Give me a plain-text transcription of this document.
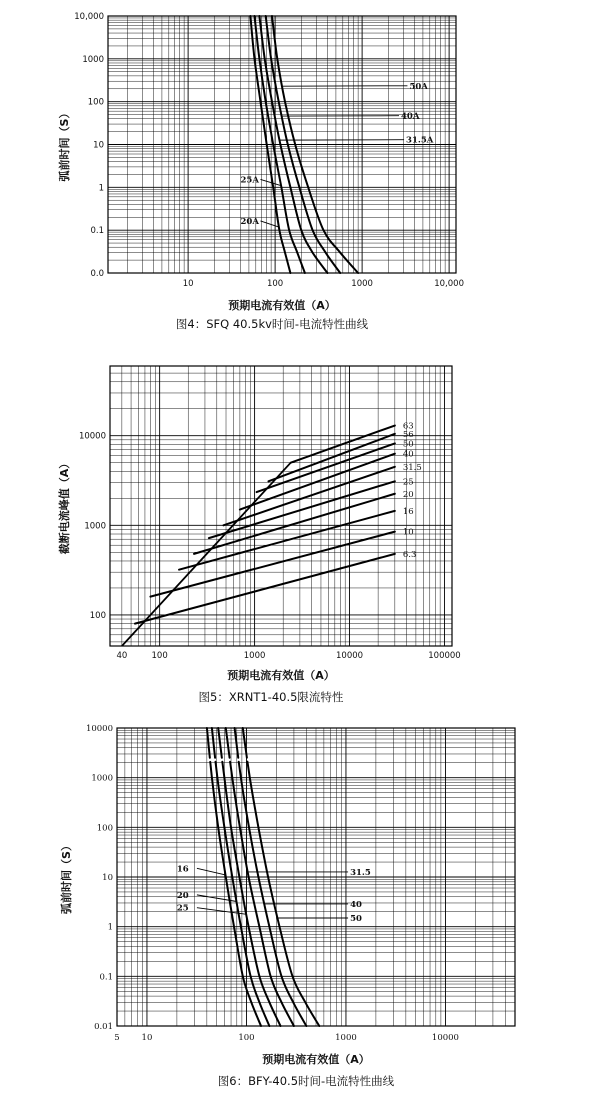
10	100	1000	10,000
10,000
1000
100
10
1
0.1
0.0
预期电流有效值（A）
弧前时间（S）
图4：SFQ 40.5kv时间-电流特性曲线
50A
40A
31.5A
25A
20A
40	100	1000	10000	100000
10000
1000
100
预期电流有效值（A）
截断电流峰值（A）
图5：XRNT1-40.5限流特性
63
56
50
40
31.5
25
20
16
10
6.3
5	10	100	1000	10000
10000
1000
100
10
1
0.1
0.01
预期电流有效值（A）
弧前时间（S）
图6：BFY-40.5时间-电流特性曲线
16
20
25
31.5
40
50
